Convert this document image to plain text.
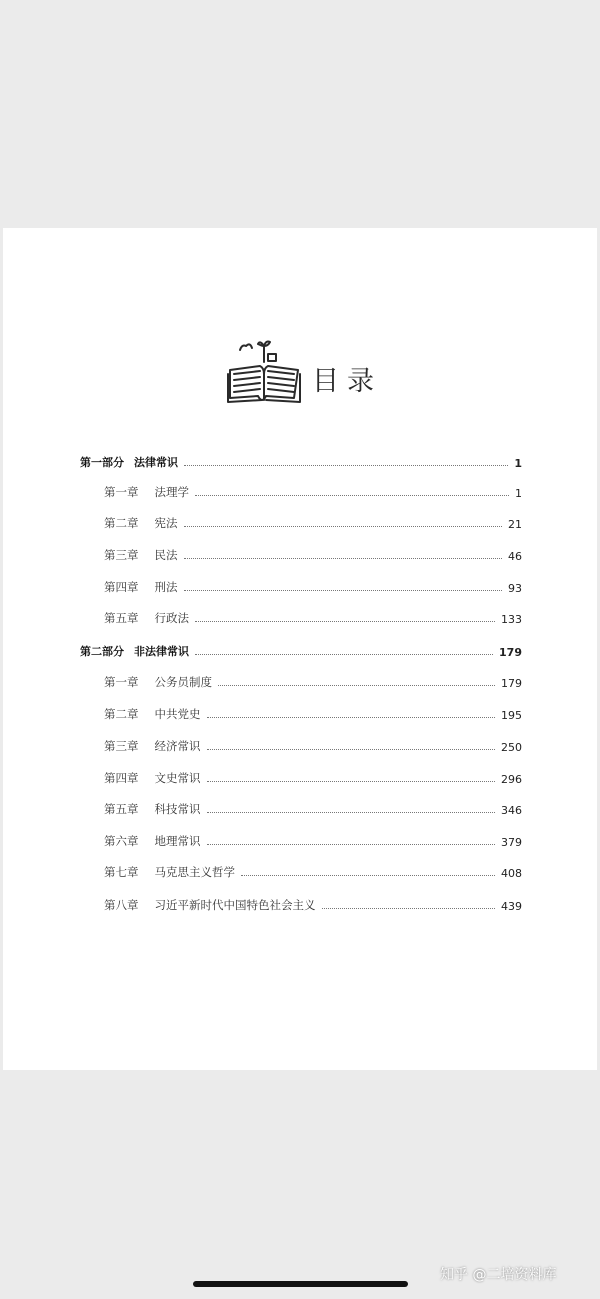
目录
第一部分 法律常识	1
第一章 法理学	1
第二章 宪法	21
第三章 民法	46
第四章 刑法	93
第五章 行政法	133
第二部分 非法律常识	179
第一章 公务员制度	179
第二章 中共党史	195
第三章 经济常识	250
第四章 文史常识	296
第五章 科技常识	346
第六章 地理常识	379
第七章 马克思主义哲学	408
第八章 习近平新时代中国特色社会主义	439
知乎 @二培资料库
